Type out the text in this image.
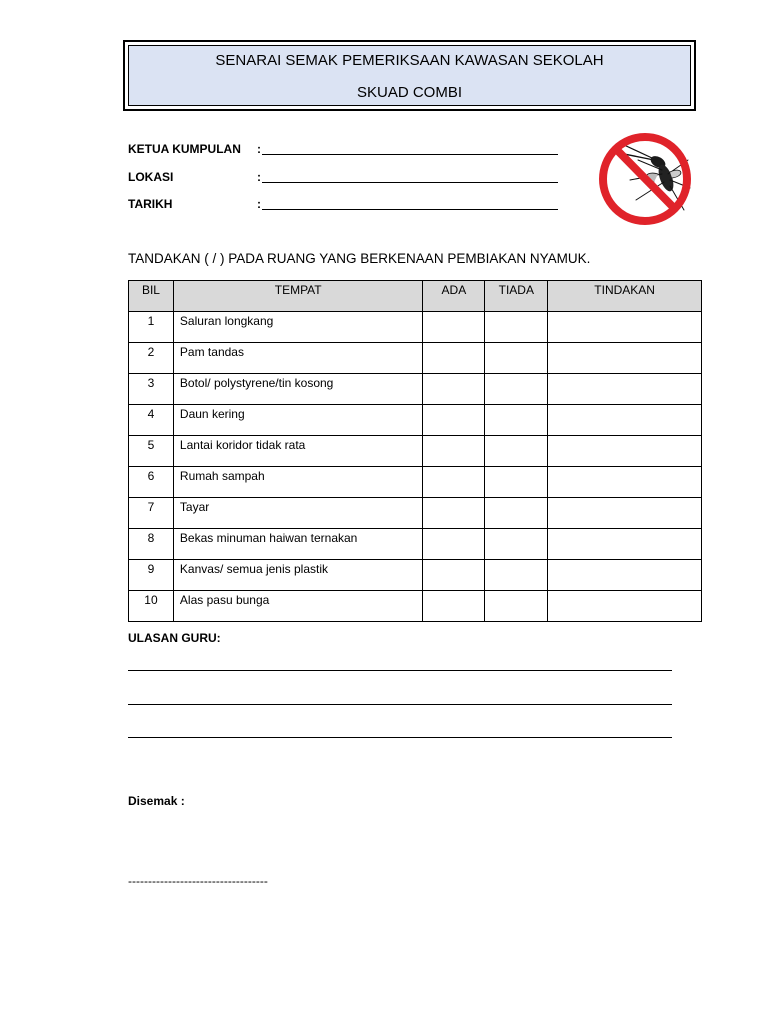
SENARAI SEMAK PEMERIKSAAN KAWASAN SEKOLAH
SKUAD COMBI
KETUA KUMPULAN :
LOKASI	:
TARIKH	:
TANDAKAN ( / ) PADA RUANG YANG BERKENAAN PEMBIAKAN NYAMUK.
BIL	TEMPAT	ADA	TIADA	TINDAKAN
1	Saluran longkang			
2	Pam tandas			
3	Botol/ polystyrene/tin kosong			
4	Daun kering			
5	Lantai koridor tidak rata			
6	Rumah sampah			
7	Tayar			
8	Bekas minuman haiwan ternakan			
9	Kanvas/ semua jenis plastik			
10	Alas pasu bunga			
ULASAN GURU:
Disemak :
-----------------------------------
